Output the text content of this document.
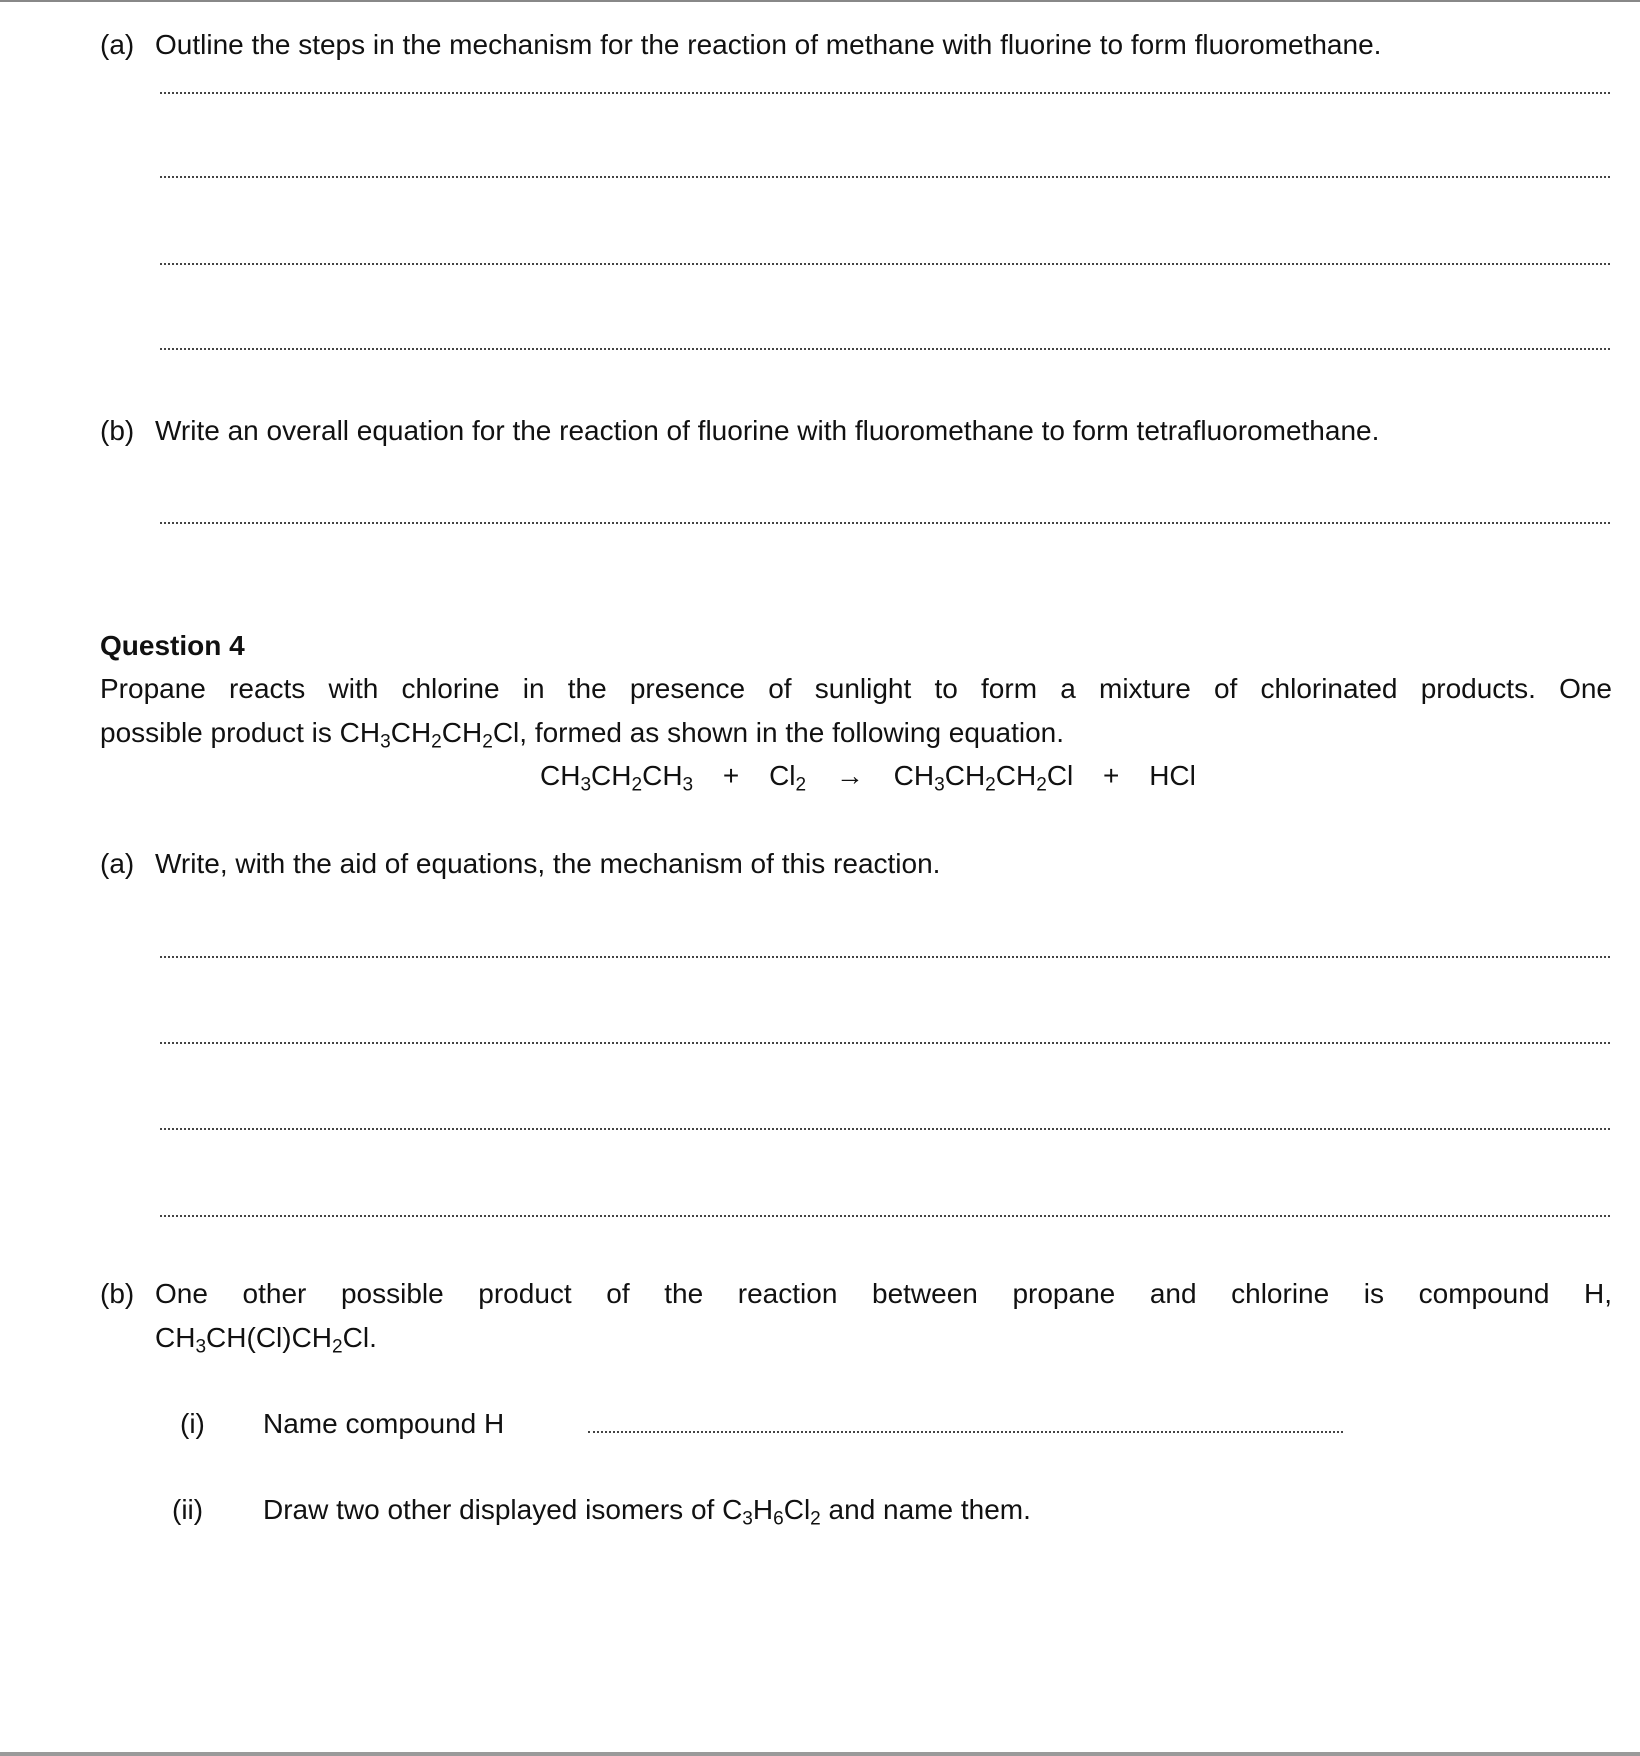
(a) Outline the steps in the mechanism for the reaction of methane with fluorine to form fluoromethane.
(b) Write an overall equation for the reaction of fluorine with fluoromethane to form tetrafluoromethane.
Question 4
Propane reacts with chlorine in the presence of sunlight to form a mixture of chlorinated products. One
possible product is $CH_3CH_2CH_2Cl$, formed as shown in the following equation.
$CH_3CH_2CH_3 + Cl_2 \to CH_3CH_2CH_2Cl$ + HCl
(a) Write, with the aid of equations, the mechanism of this reaction.
(b) One other possible product of the reaction between propane and chlorine is compound H,
$CH_3CH(Cl)CH_2Cl$.
(i) Name compound H
(ii) Draw two other displayed isomers of $C_3H_6Cl_2$ and name them.
